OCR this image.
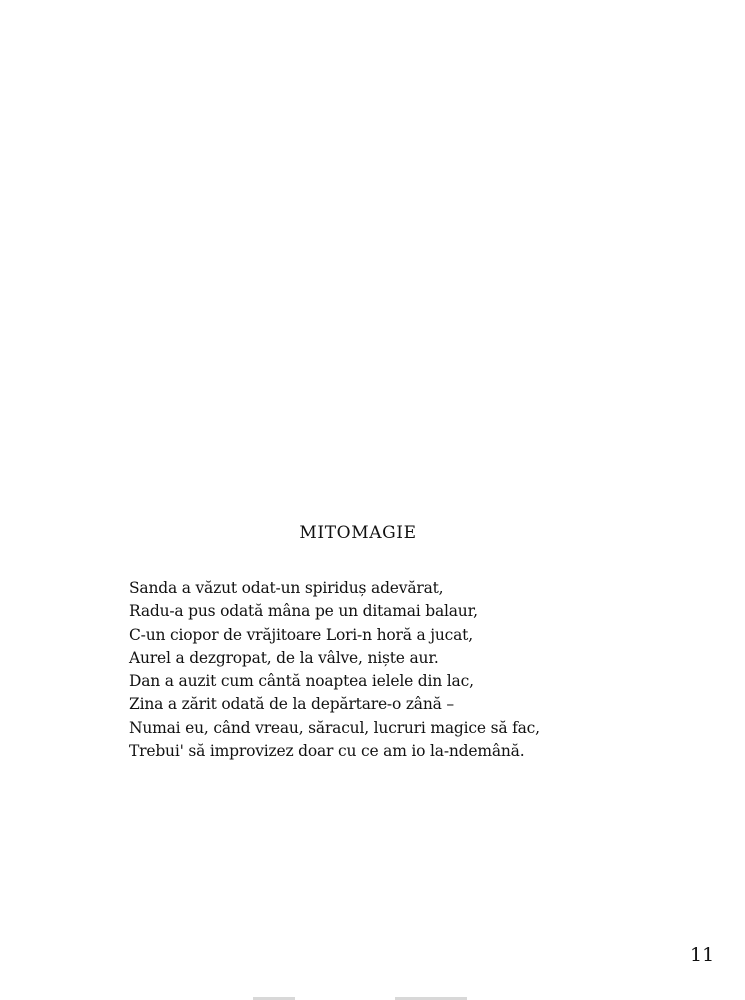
MITOMAGIE
Sanda a văzut odat-un spiriduș adevărat,
Radu-a pus odată mâna pe un ditamai balaur,
C-un ciopor de vrăjitoare Lori-n horă a jucat,
Aurel a dezgropat, de la vâlve, niște aur.
Dan a auzit cum cântă noaptea ielele din lac,
Zina a zărit odată de la depărtare-o zână –
Numai eu, când vreau, săracul, lucruri magice să fac,
Trebui' să improvizez doar cu ce am io la-ndemână.
11
